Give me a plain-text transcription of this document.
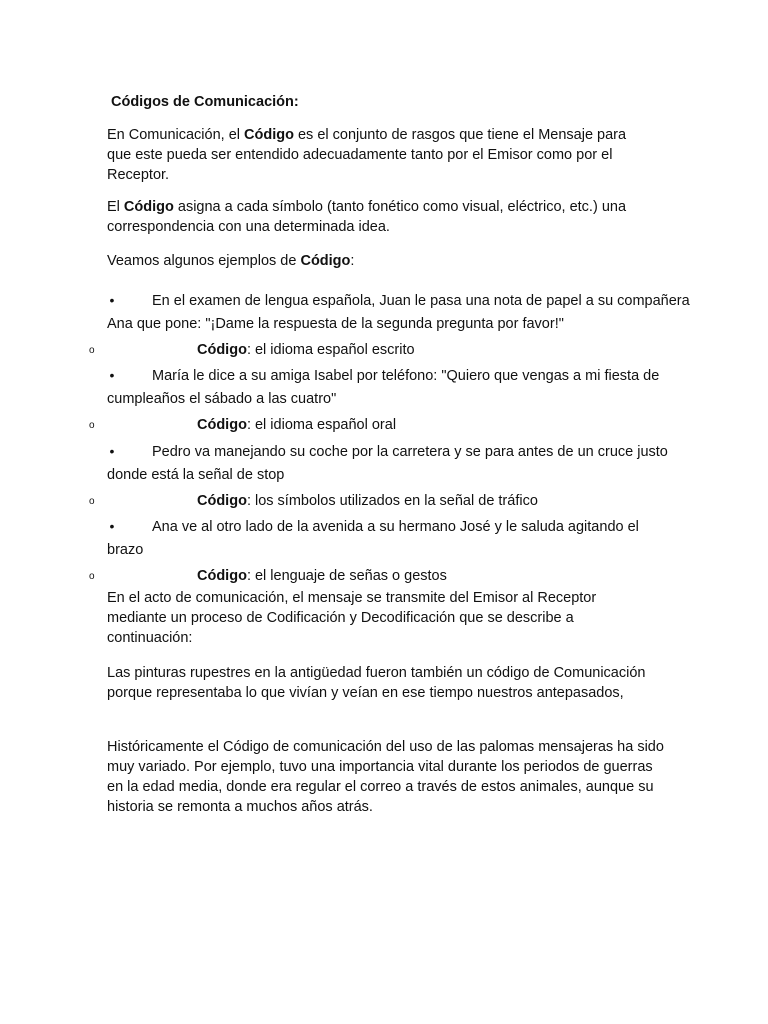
Códigos de Comunicación:
En Comunicación, el Código es el conjunto de rasgos que tiene el Mensaje para que este pueda ser entendido adecuadamente tanto por el Emisor como por el Receptor.
El Código asigna a cada símbolo (tanto fonético como visual, eléctrico, etc.) una correspondencia con una determinada idea.
Veamos algunos ejemplos de Código:
•	En el examen de lengua española, Juan le pasa una nota de papel a su compañera Ana que pone: "¡Dame la respuesta de la segunda pregunta por favor!"
o	Código: el idioma español escrito
•	María le dice a su amiga Isabel por teléfono: "Quiero que vengas a mi fiesta de cumpleaños el sábado a las cuatro"
o	Código: el idioma español oral
•	Pedro va manejando su coche por la carretera y se para antes de un cruce justo donde está la señal de stop
o	Código: los símbolos utilizados en la señal de tráfico
•	Ana ve al otro lado de la avenida a su hermano José y le saluda agitando el brazo
o	Código: el lenguaje de señas o gestos
En el acto de comunicación, el mensaje se transmite del Emisor al Receptor mediante un proceso de Codificación y Decodificación que se describe a continuación:
Las pinturas rupestres en la antigüedad fueron también un código de Comunicación porque representaba lo que vivían y veían en ese tiempo nuestros antepasados,
Históricamente el Código de comunicación del uso de las palomas mensajeras ha sido muy variado. Por ejemplo, tuvo una importancia vital durante los periodos de guerras en la edad media, donde era regular el correo a través de estos animales, aunque su historia se remonta a muchos años atrás.
